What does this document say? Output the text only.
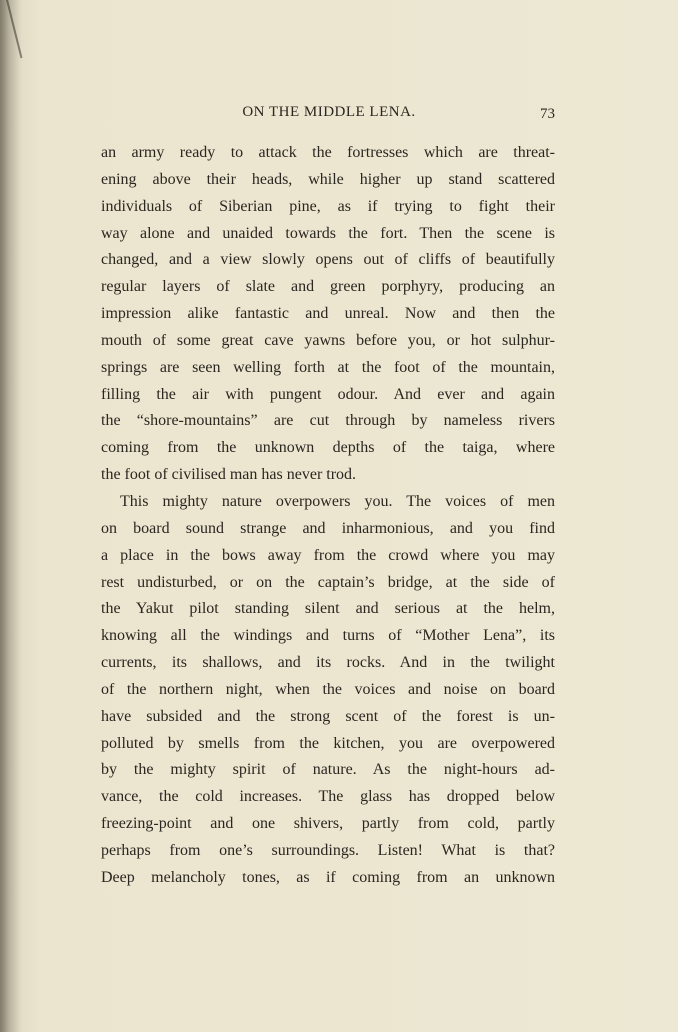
ON THE MIDDLE LENA.	73
an army ready to attack the fortresses which are threat-
ening above their heads, while higher up stand scattered
individuals of Siberian pine, as if trying to fight their
way alone and unaided towards the fort. Then the scene is
changed, and a view slowly opens out of cliffs of beautifully
regular layers of slate and green porphyry, producing an
impression alike fantastic and unreal. Now and then the
mouth of some great cave yawns before you, or hot sulphur-
springs are seen welling forth at the foot of the mountain,
filling the air with pungent odour. And ever and again
the “shore-mountains” are cut through by nameless rivers
coming from the unknown depths of the taiga, where
the foot of civilised man has never trod.
This mighty nature overpowers you. The voices of men
on board sound strange and inharmonious, and you find
a place in the bows away from the crowd where you may
rest undisturbed, or on the captain’s bridge, at the side of
the Yakut pilot standing silent and serious at the helm,
knowing all the windings and turns of “Mother Lena”, its
currents, its shallows, and its rocks. And in the twilight
of the northern night, when the voices and noise on board
have subsided and the strong scent of the forest is un-
polluted by smells from the kitchen, you are overpowered
by the mighty spirit of nature. As the night-hours ad-
vance, the cold increases. The glass has dropped below
freezing-point and one shivers, partly from cold, partly
perhaps from one’s surroundings. Listen! What is that?
Deep melancholy tones, as if coming from an unknown
